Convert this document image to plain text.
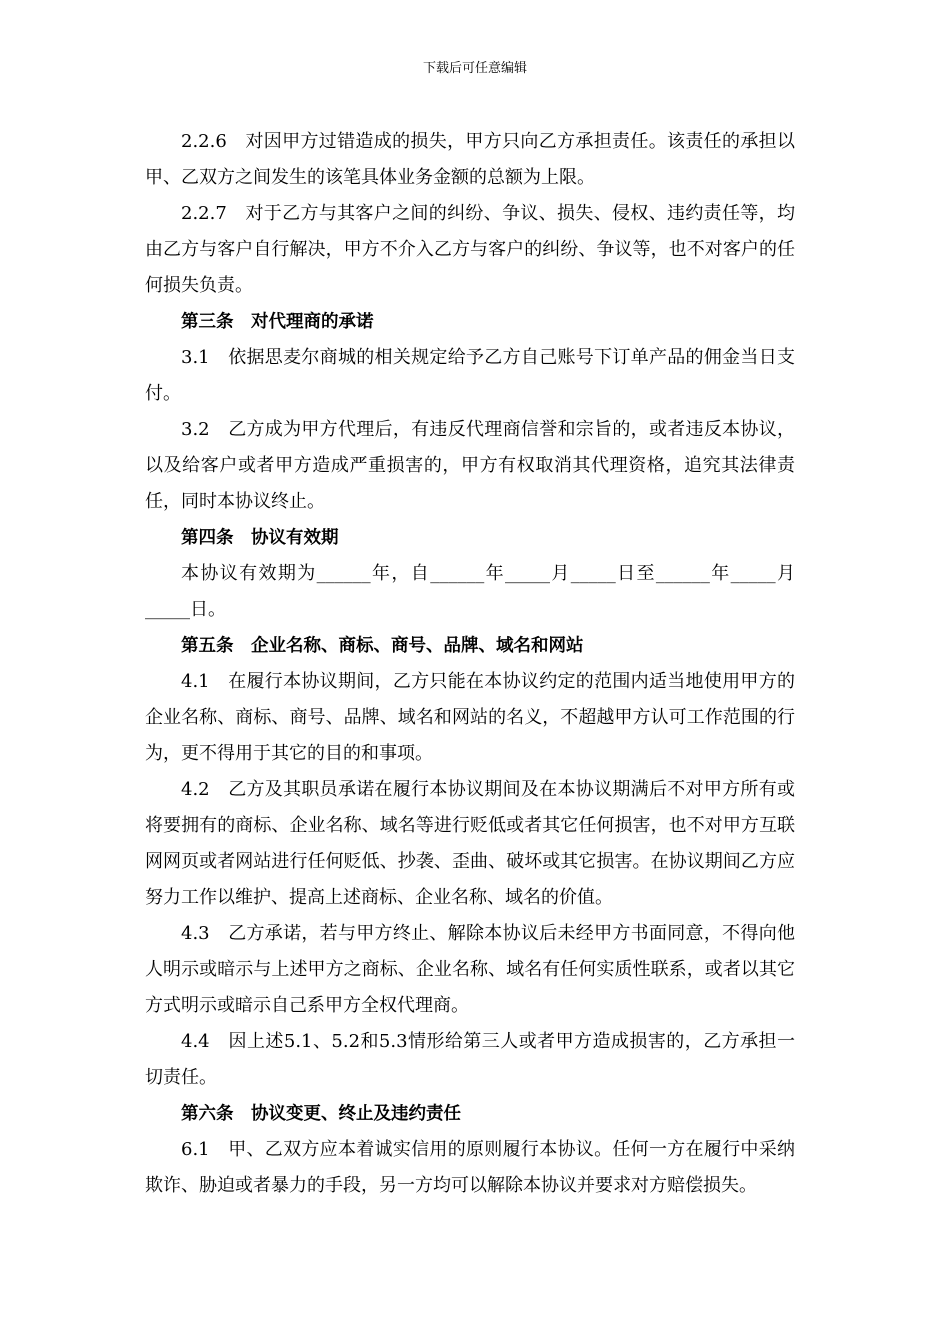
下载后可任意编辑

2.2.6　对因甲方过错造成的损失，甲方只向乙方承担责任。该责任的承担以甲、乙双方之间发生的该笔具体业务金额的总额为上限。

2.2.7　对于乙方与其客户之间的纠纷、争议、损失、侵权、违约责任等，均由乙方与客户自行解决，甲方不介入乙方与客户的纠纷、争议等，也不对客户的任何损失负责。

第三条　对代理商的承诺

3.1　依据思麦尔商城的相关规定给予乙方自己账号下订单产品的佣金当日支付。

3.2　乙方成为甲方代理后，有违反代理商信誉和宗旨的，或者违反本协议，以及给客户或者甲方造成严重损害的，甲方有权取消其代理资格，追究其法律责任，同时本协议终止。

第四条　协议有效期

本协议有效期为______年，自______年_____月_____日至______年_____月_____日。

第五条　企业名称、商标、商号、品牌、域名和网站

4.1　在履行本协议期间，乙方只能在本协议约定的范围内适当地使用甲方的企业名称、商标、商号、品牌、域名和网站的名义，不超越甲方认可工作范围的行为，更不得用于其它的目的和事项。

4.2　乙方及其职员承诺在履行本协议期间及在本协议期满后不对甲方所有或将要拥有的商标、企业名称、域名等进行贬低或者其它任何损害，也不对甲方互联网网页或者网站进行任何贬低、抄袭、歪曲、破坏或其它损害。在协议期间乙方应努力工作以维护、提高上述商标、企业名称、域名的价值。

4.3　乙方承诺，若与甲方终止、解除本协议后未经甲方书面同意，不得向他人明示或暗示与上述甲方之商标、企业名称、域名有任何实质性联系，或者以其它方式明示或暗示自己系甲方全权代理商。

4.4　因上述5.1、5.2和5.3情形给第三人或者甲方造成损害的，乙方承担一切责任。

第六条　协议变更、终止及违约责任

6.1　甲、乙双方应本着诚实信用的原则履行本协议。任何一方在履行中采纳欺诈、胁迫或者暴力的手段，另一方均可以解除本协议并要求对方赔偿损失。
